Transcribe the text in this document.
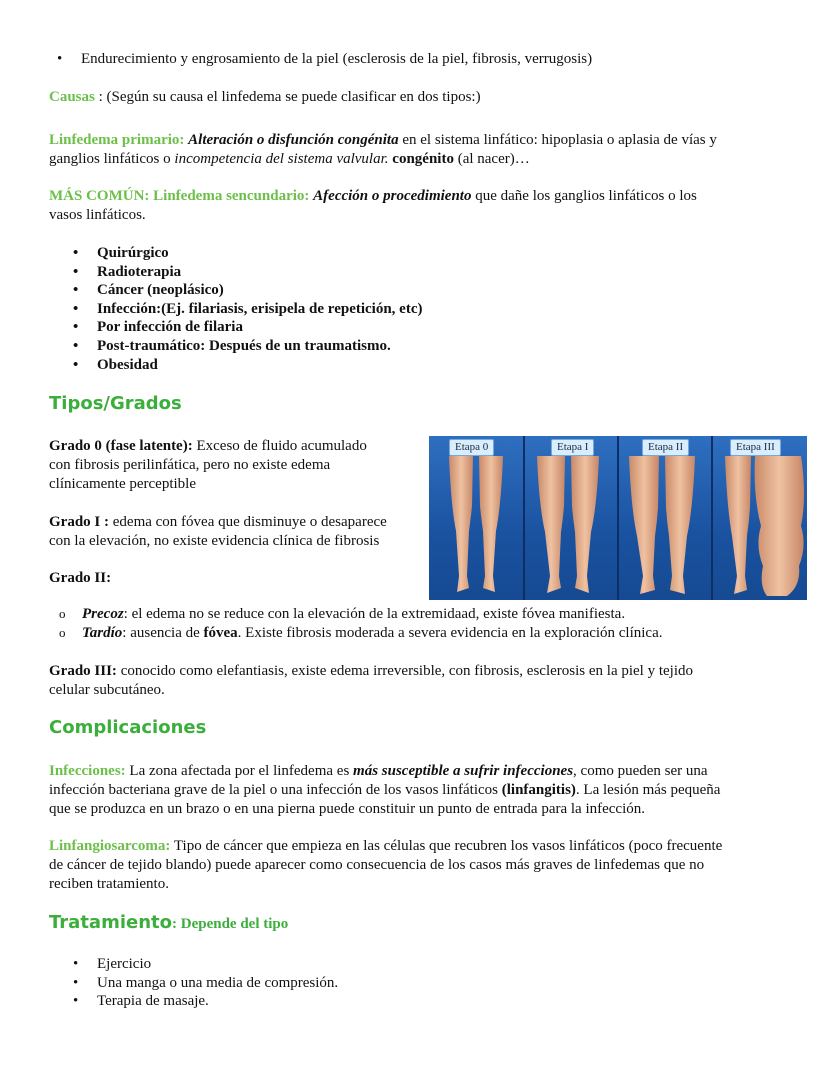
• Endurecimiento y engrosamiento de la piel (esclerosis de la piel, fibrosis, verrugosis)

Causas : (Según su causa el linfedema se puede clasificar en dos tipos:)

Linfedema primario: Alteración o disfunción congénita en el sistema linfático: hipoplasia o aplasia de vías y
ganglios linfáticos o incompetencia del sistema valvular. congénito (al nacer)…

MÁS COMÚN: Linfedema sencundario: Afección o procedimiento que dañe los ganglios linfáticos o los
vasos linfáticos.

• Quirúrgico
• Radioterapia
• Cáncer (neoplásico)
• Infección:(Ej. filariasis, erisipela de repetición, etc)
• Por infección de filaria
• Post-traumático: Después de un traumatismo.
• Obesidad
Tipos/Grados

Grado 0 (fase latente): Exceso de fluido acumulado
con fibrosis perilinfática, pero no existe edema
clínicamente perceptible

Grado I : edema con fóvea que disminuye o desaparece
con la elevación, no existe evidencia clínica de fibrosis

Grado II:

Etapa 0	Etapa I	Etapa II	Etapa III
o Precoz: el edema no se reduce con la elevación de la extremidaad, existe fóvea manifiesta.
o Tardío: ausencia de fóvea. Existe fibrosis moderada a severa evidencia en la exploración clínica.

Grado III: conocido como elefantiasis, existe edema irreversible, con fibrosis, esclerosis en la piel y tejido
celular subcutáneo.

Complicaciones

Infecciones: La zona afectada por el linfedema es más susceptible a sufrir infecciones, como pueden ser una
infección bacteriana grave de la piel o una infección de los vasos linfáticos (linfangitis). La lesión más pequeña
que se produzca en un brazo o en una pierna puede constituir un punto de entrada para la infección.

Linfangiosarcoma: Tipo de cáncer que empieza en las células que recubren los vasos linfáticos (poco frecuente
de cáncer de tejido blando) puede aparecer como consecuencia de los casos más graves de linfedemas que no
reciben tratamiento.

Tratamiento: Depende del tipo
• Ejercicio
• Una manga o una media de compresión.
• Terapia de masaje.
